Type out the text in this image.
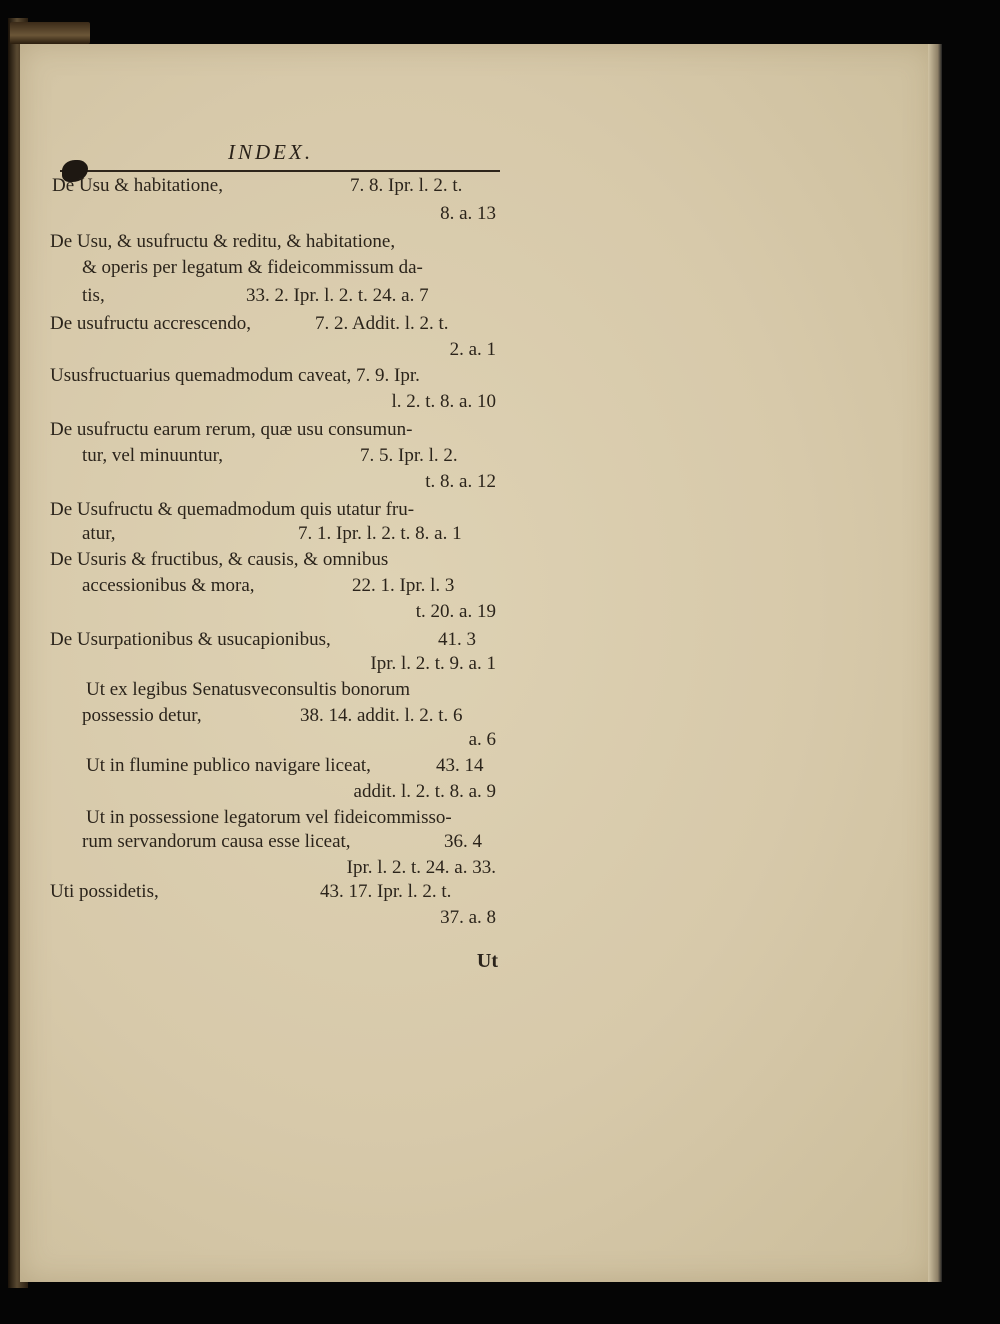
INDEX.
De Usu & habitatione,	7. 8. Ipr. l. 2. t.
8. a. 13
De Usu, & usufructu & reditu, & habitatione,
& operis per legatum & fideicommissum da-
tis,	33. 2. Ipr. l. 2. t. 24. a. 7
De usufructu accrescendo,	7. 2. Addit. l. 2. t.
2. a. 1
Ususfructuarius quemadmodum caveat, 7. 9. Ipr.
l. 2. t. 8. a. 10
De usufructu earum rerum, quæ usu consumun-
tur, vel minuuntur,	7. 5. Ipr. l. 2.
t. 8. a. 12
De Usufructu & quemadmodum quis utatur fru-
atur,	7. 1. Ipr. l. 2. t. 8. a. 1
De Usuris & fructibus, & causis, & omnibus
accessionibus & mora,	22. 1. Ipr. l. 3
t. 20. a. 19
De Usurpationibus & usucapionibus,	41. 3
Ipr. l. 2. t. 9. a. 1
Ut ex legibus Senatusveconsultis bonorum
possessio detur,	38. 14. addit. l. 2. t. 6
a. 6
Ut in flumine publico navigare liceat,	43. 14
addit. l. 2. t. 8. a. 9
Ut in possessione legatorum vel fideicommisso-
rum servandorum causa esse liceat,	36. 4
Ipr. l. 2. t. 24. a. 33.
Uti possidetis,	43. 17. Ipr. l. 2. t.
37. a. 8
Ut
